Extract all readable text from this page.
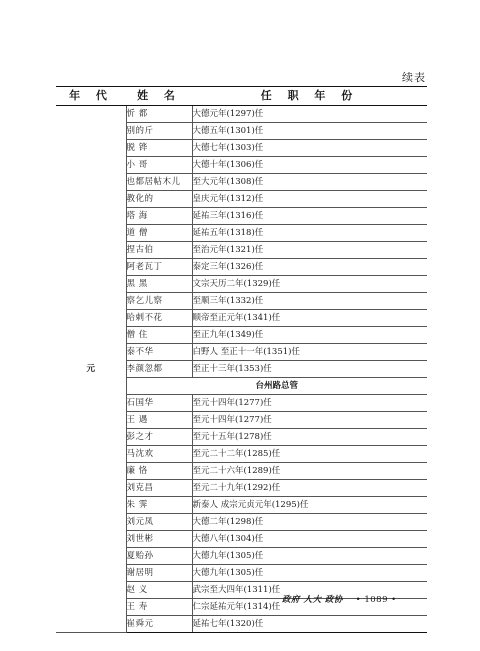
续表
年 代	姓 名	任 职 年 份
元	忻 都	大德元年(1297)任
	别的斤	大德五年(1301)任
	脱 铧	大德七年(1303)任
	小 哥	大德十年(1306)任
	也都居帖木儿	至大元年(1308)任
	教化的	皇庆元年(1312)任
	塔 海	延祐三年(1316)任
	道 僧	延祐五年(1318)任
	捏古伯	至治元年(1321)任
	阿老瓦丁	泰定三年(1326)任
	黑 黑	文宗天历二年(1329)任
	察乞儿察	至顺三年(1332)任
	哈剌不花	顺帝至正元年(1341)任
	僧 住	至正九年(1349)任
	泰不华	白野人 至正十一年(1351)任
	李颜忽都	至正十三年(1353)任
	台州路总管	
	石国华	至元十四年(1277)任
	王 遇	至元十四年(1277)任
	彭之才	至元十五年(1278)任
	马沈欢	至元二十二年(1285)任
	廉 恪	至元二十六年(1289)任
	刘克昌	至元二十九年(1292)任
	朱 霁	新泰人 成宗元贞元年(1295)任
	刘元凤	大德二年(1298)任
	刘世彬	大德八年(1304)任
	夏贻孙	大德九年(1305)任
	谢居明	大德九年(1305)任
	赵 义	武宗至大四年(1311)任
	王 寿	仁宗延祐元年(1314)任
	崔舜元	延祐七年(1320)任
政府 人大 政协 • 1089 •
